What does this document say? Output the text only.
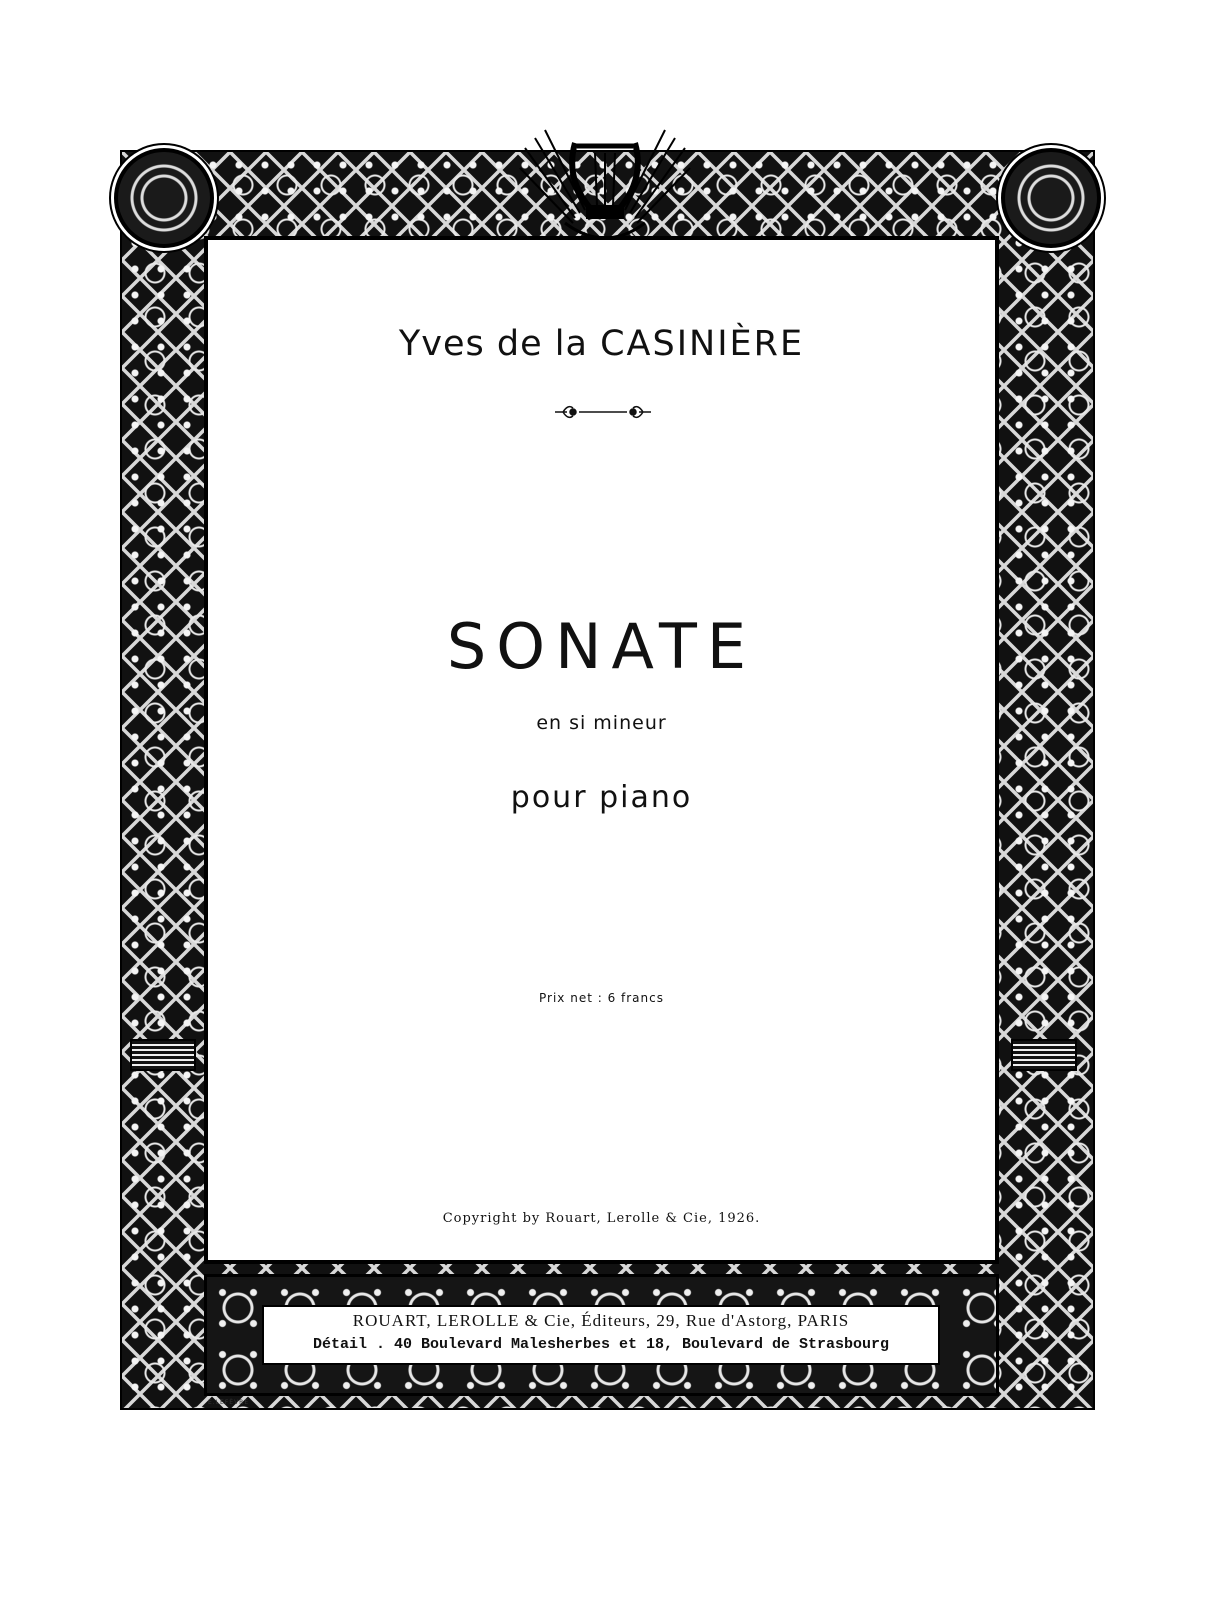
Yves de la CASINIÈRE
SONATE
en si mineur
pour piano
Prix net : 6 francs
Copyright by Rouart, Lerolle & Cie, 1926.
ROUART, LEROLLE & Cie, Éditeurs, 29, Rue d'Astorg, PARIS
Détail . 40 Boulevard Malesherbes et 18, Boulevard de Strasbourg
E.LEFÈVRE
